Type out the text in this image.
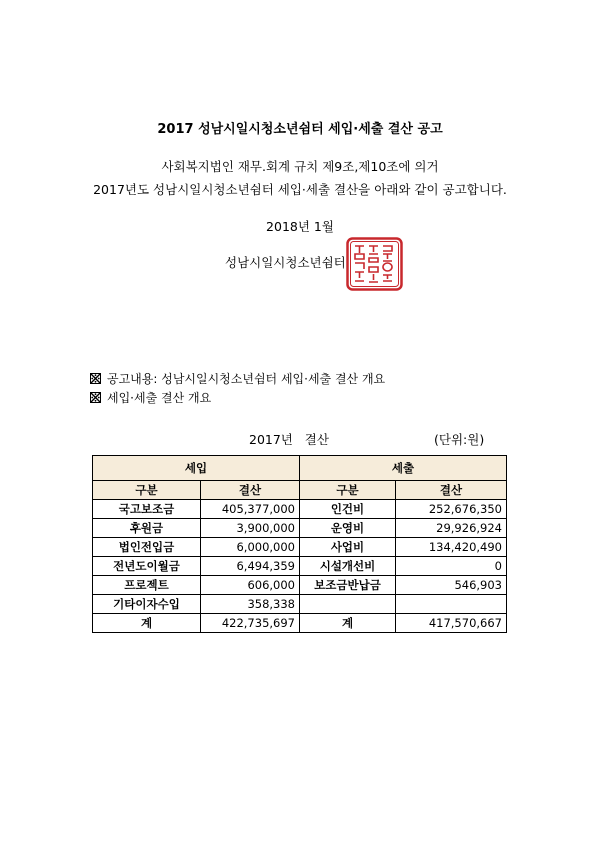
2017 성남시일시청소년쉼터 세입·세출 결산 공고
사회복지법인 재무.회계 규치 제9조,제10조에 의거
2017년도 성남시일시청소년쉼터 세입·세출 결산을 아래와 같이 공고합니다.
2018년 1월
성남시일시청소년쉼터
공고내용: 성남시일시청소년쉼터 세입·세출 결산 개요
세입·세출 결산 개요
2017년   결산	(단위:원)
세입		세출	
구분	결산	구분	결산
국고보조금	405,377,000	인건비	252,676,350
후원금	3,900,000	운영비	29,926,924
법인전입금	6,000,000	사업비	134,420,490
전년도이월금	6,494,359	시설개선비	0
프로젝트	606,000	보조금반납금	546,903
기타이자수입	358,338		
계	422,735,697	계	417,570,667
